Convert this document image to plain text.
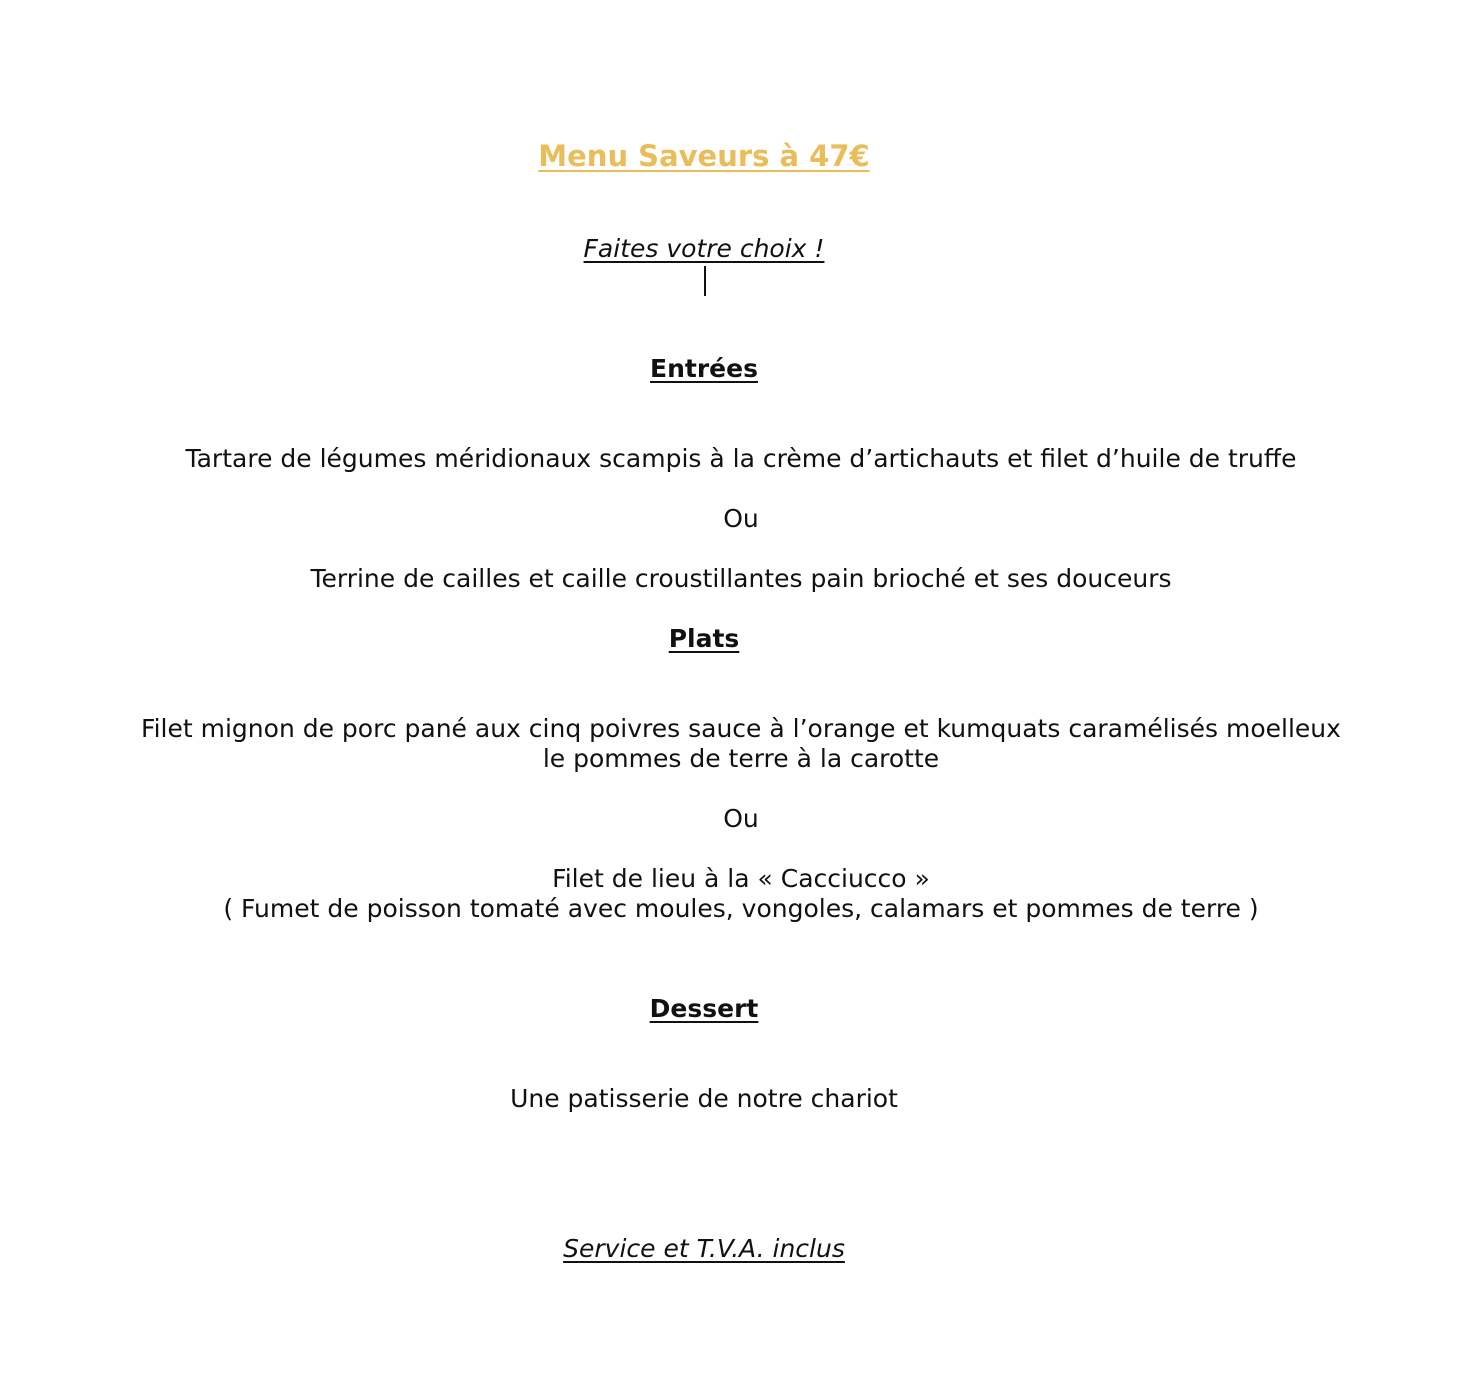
Menu Saveurs à 47€
Faites votre choix !
Entrées
Tartare de légumes méridionaux scampis à la crème d’artichauts et filet d’huile de truffe
Ou
Terrine de cailles et caille croustillantes pain brioché et ses douceurs
Plats
Filet mignon de porc pané aux cinq poivres sauce à l’orange et kumquats caramélisés moelleux
le pommes de terre à la carotte
Ou
Filet de lieu à la « Cacciucco »
( Fumet de poisson tomaté avec moules, vongoles, calamars et pommes de terre )
Dessert
Une patisserie de notre chariot
Service et T.V.A. inclus
